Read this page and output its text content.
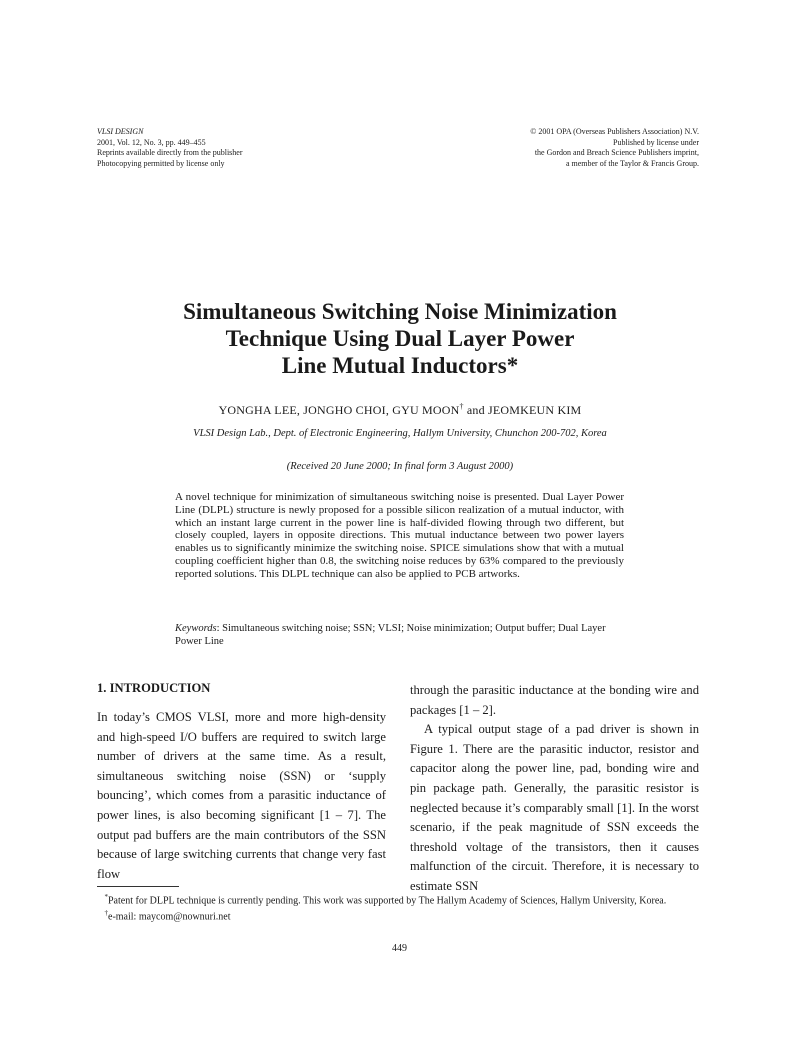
VLSI DESIGN
2001, Vol. 12, No. 3, pp. 449–455
Reprints available directly from the publisher
Photocopying permitted by license only
© 2001 OPA (Overseas Publishers Association) N.V.
Published by license under
the Gordon and Breach Science Publishers imprint,
a member of the Taylor & Francis Group.
Simultaneous Switching Noise Minimization
Technique Using Dual Layer Power
Line Mutual Inductors*
YONGHA LEE, JONGHO CHOI, GYU MOON† and JEOMKEUN KIM
VLSI Design Lab., Dept. of Electronic Engineering, Hallym University, Chunchon 200-702, Korea
(Received 20 June 2000; In final form 3 August 2000)
A novel technique for minimization of simultaneous switching noise is presented. Dual Layer Power Line (DLPL) structure is newly proposed for a possible silicon realization of a mutual inductor, with which an instant large current in the power line is half-divided flowing through two different, but closely coupled, layers in opposite directions. This mutual inductance between two power layers enables us to significantly minimize the switching noise. SPICE simulations show that with a mutual coupling coefficient higher than 0.8, the switching noise reduces by 63% compared to the previously reported solutions. This DLPL technique can also be applied to PCB artworks.
Keywords: Simultaneous switching noise; SSN; VLSI; Noise minimization; Output buffer; Dual Layer Power Line
1. INTRODUCTION

In today’s CMOS VLSI, more and more high-density and high-speed I/O buffers are required to switch large number of drivers at the same time. As a result, simultaneous switching noise (SSN) or ‘supply bouncing’, which comes from a parasitic inductance of power lines, is also becoming significant [1 – 7]. The output pad buffers are the main contributors of the SSN because of large switching currents that change very fast flow

through the parasitic inductance at the bonding wire and packages [1 – 2].

A typical output stage of a pad driver is shown in Figure 1. There are the parasitic inductor, resistor and capacitor along the power line, pad, bonding wire and pin package path. Generally, the parasitic resistor is neglected because it’s comparably small [1]. In the worst scenario, if the peak magnitude of SSN exceeds the threshold voltage of the transistors, then it causes malfunction of the circuit. Therefore, it is necessary to estimate SSN

*Patent for DLPL technique is currently pending. This work was supported by The Hallym Academy of Sciences, Hallym University, Korea.

†e-mail: maycom@nownuri.net

449
